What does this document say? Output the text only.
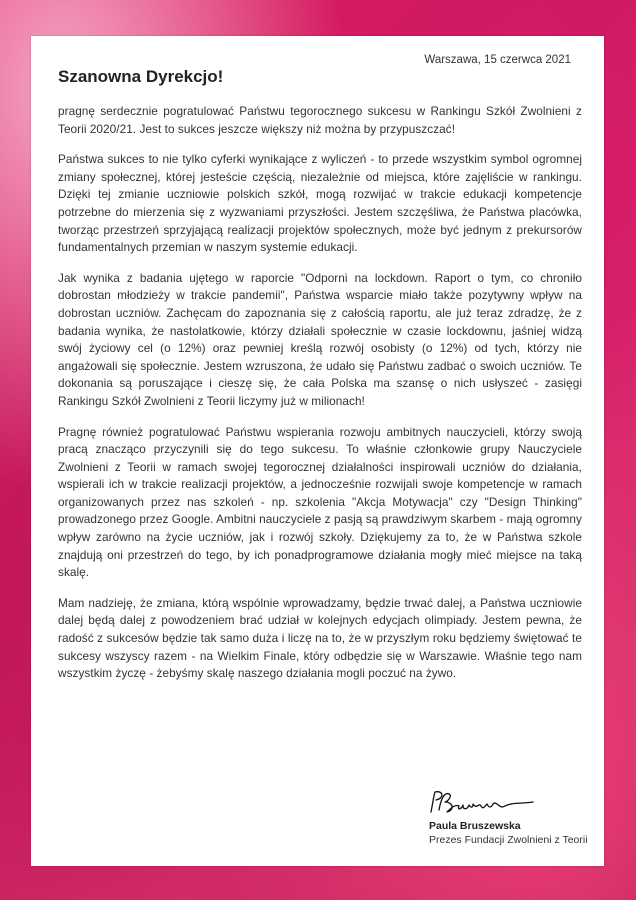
Warszawa, 15 czerwca 2021
Szanowna Dyrekcjo!

pragnę serdecznie pogratulować Państwu tegorocznego sukcesu w Rankingu Szkół Zwolnieni z Teorii 2020/21. Jest to sukces jeszcze większy niż można by przypuszczać!

Państwa sukces to nie tylko cyferki wynikające z wyliczeń - to przede wszystkim symbol ogromnej zmiany społecznej, której jesteście częścią, niezależnie od miejsca, które zajęliście w rankingu. Dzięki tej zmianie uczniowie polskich szkół, mogą rozwijać w trakcie edukacji kompetencje potrzebne do mierzenia się z wyzwaniami przyszłości. Jestem szczęśliwa, że Państwa placówka, tworząc przestrzeń sprzyjającą realizacji projektów społecznych, może być jednym z prekursorów fundamentalnych przemian w naszym systemie edukacji.

Jak wynika z badania ujętego w raporcie "Odporni na lockdown. Raport o tym, co chroniło dobrostan młodzieży w trakcie pandemii", Państwa wsparcie miało także pozytywny wpływ na dobrostan uczniów. Zachęcam do zapoznania się z całością raportu, ale już teraz zdradzę, że z badania wynika, że nastolatkowie, którzy działali społecznie w czasie lockdownu, jaśniej widzą swój życiowy cel (o 12%) oraz pewniej kreślą rozwój osobisty (o 12%) od tych, którzy nie angażowali się społecznie. Jestem wzruszona, że udało się Państwu zadbać o swoich uczniów. Te dokonania są poruszające i cieszę się, że cała Polska ma szansę o nich usłyszeć - zasięgi Rankingu Szkół Zwolnieni z Teorii liczymy już w milionach!

Pragnę również pogratulować Państwu wspierania rozwoju ambitnych nauczycieli, którzy swoją pracą znacząco przyczynili się do tego sukcesu. To właśnie członkowie grupy Nauczyciele Zwolnieni z Teorii w ramach swojej tegorocznej działalności inspirowali uczniów do działania, wspierali ich w trakcie realizacji projektów, a jednocześnie rozwijali swoje kompetencje w ramach organizowanych przez nas szkoleń - np. szkolenia "Akcja Motywacja" czy "Design Thinking" prowadzonego przez Google. Ambitni nauczyciele z pasją są prawdziwym skarbem - mają ogromny wpływ zarówno na życie uczniów, jak i rozwój szkoły. Dziękujemy za to, że w Państwa szkole znajdują oni przestrzeń do tego, by ich ponadprogramowe działania mogły mieć miejsce na taką skalę.

Mam nadzieję, że zmiana, którą wspólnie wprowadzamy, będzie trwać dalej, a Państwa uczniowie dalej będą dalej z powodzeniem brać udział w kolejnych edycjach olimpiady. Jestem pewna, że radość z sukcesów będzie tak samo duża i liczę na to, że w przyszłym roku będziemy świętować te sukcesy wszyscy razem - na Wielkim Finale, który odbędzie się w Warszawie. Właśnie tego nam wszystkim życzę - żebyśmy skalę naszego działania mogli poczuć na żywo.

Paula Bruszewska
Prezes Fundacji Zwolnieni z Teorii
